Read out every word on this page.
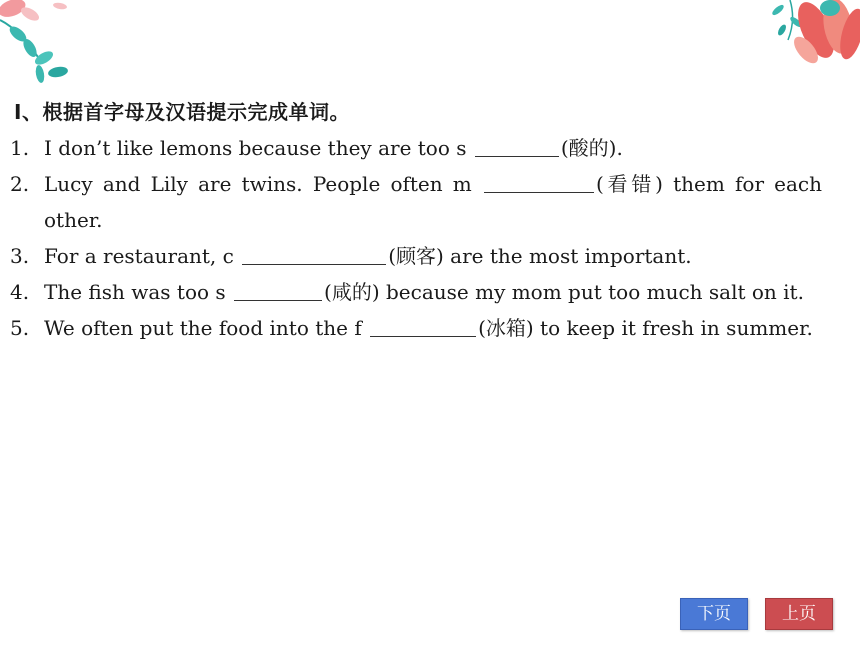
Ⅰ、根据首字母及汉语提示完成单词。
1. I don’t like lemons because they are too s	(酸的).
2. Lucy and Lily are twins. People often m	(看错) them for each other.
3. For a restaurant, c	(顾客) are the most important.
4. The fish was too s	(咸的) because my mom put too much salt on it.
5. We often put the food into the f	(冰箱) to keep it fresh in summer.
下页	上页
